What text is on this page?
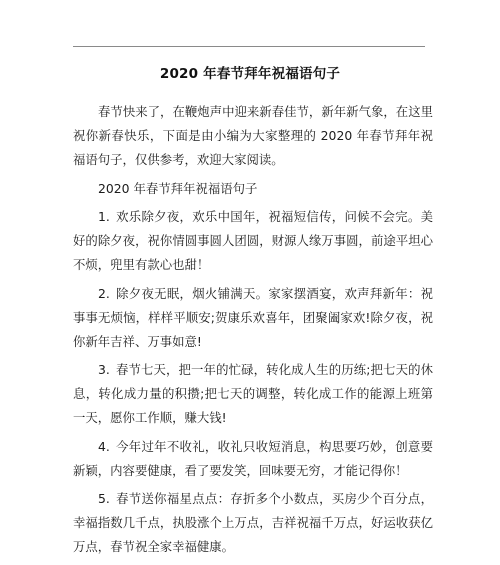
2020 年春节拜年祝福语句子

春节快来了，在鞭炮声中迎来新春佳节，新年新气象，在这里祝你新春快乐，下面是由小编为大家整理的 2020 年春节拜年祝福语句子，仅供参考，欢迎大家阅读。

2020 年春节拜年祝福语句子

1. 欢乐除夕夜，欢乐中国年，祝福短信传，问候不会完。美好的除夕夜，祝你情圆事圆人团圆，财源人缘万事圆，前途平坦心不烦，兜里有款心也甜！

2. 除夕夜无眠，烟火铺满天。家家摆酒宴，欢声拜新年：祝事事无烦恼，样样平顺安;贺康乐欢喜年，团聚阖家欢!除夕夜，祝你新年吉祥、万事如意!

3. 春节七天，把一年的忙碌，转化成人生的历练;把七天的休息，转化成力量的积攒;把七天的调整，转化成工作的能源上班第一天，愿你工作顺，赚大钱!

4. 今年过年不收礼，收礼只收短消息，构思要巧妙，创意要新颖，内容要健康，看了要发笑，回味要无穷，才能记得你！

5. 春节送你福星点点：存折多个小数点，买房少个百分点，幸福指数几千点，执股涨个上万点，吉祥祝福千万点，好运收获亿万点，春节祝全家幸福健康。
